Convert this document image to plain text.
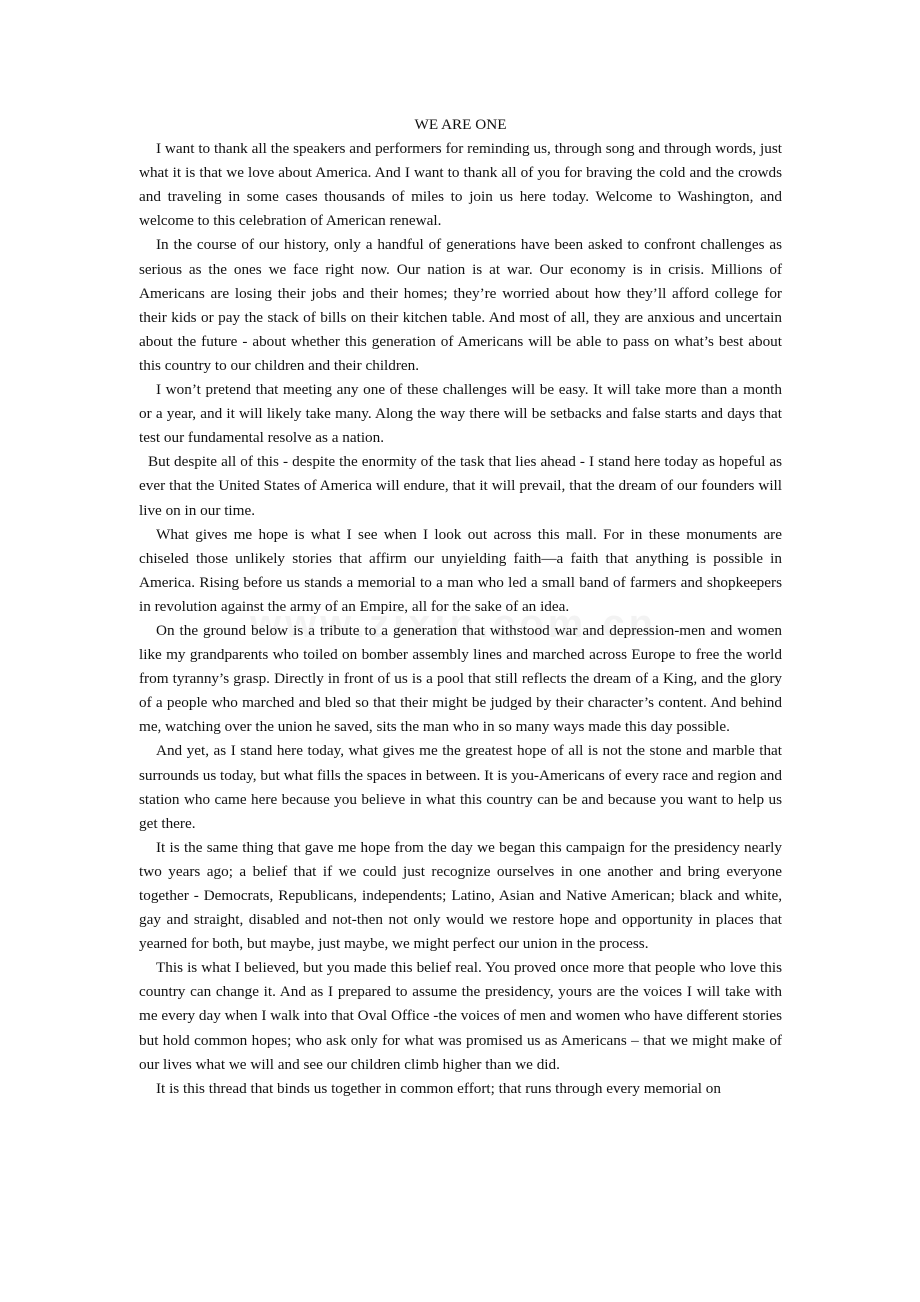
WE ARE ONE

I want to thank all the speakers and performers for reminding us, through song and through words, just what it is that we love about America. And I want to thank all of you for braving the cold and the crowds and traveling in some cases thousands of miles to join us here today. Welcome to Washington, and welcome to this celebration of American renewal.

In the course of our history, only a handful of generations have been asked to confront challenges as serious as the ones we face right now. Our nation is at war. Our economy is in crisis. Millions of Americans are losing their jobs and their homes; they’re worried about how they’ll afford college for their kids or pay the stack of bills on their kitchen table. And most of all, they are anxious and uncertain about the future - about whether this generation of Americans will be able to pass on what’s best about this country to our children and their children.

I won’t pretend that meeting any one of these challenges will be easy. It will take more than a month or a year, and it will likely take many. Along the way there will be setbacks and false starts and days that test our fundamental resolve as a nation.

But despite all of this - despite the enormity of the task that lies ahead - I stand here today as hopeful as ever that the United States of America will endure, that it will prevail, that the dream of our founders will live on in our time.

What gives me hope is what I see when I look out across this mall. For in these monuments are chiseled those unlikely stories that affirm our unyielding faith—a faith that anything is possible in America. Rising before us stands a memorial to a man who led a small band of farmers and shopkeepers in revolution against the army of an Empire, all for the sake of an idea.

On the ground below is a tribute to a generation that withstood war and depression-men and women like my grandparents who toiled on bomber assembly lines and marched across Europe to free the world from tyranny’s grasp. Directly in front of us is a pool that still reflects the dream of a King, and the glory of a people who marched and bled so that their might be judged by their character’s content. And behind me, watching over the union he saved, sits the man who in so many ways made this day possible.

And yet, as I stand here today, what gives me the greatest hope of all is not the stone and marble that surrounds us today, but what fills the spaces in between. It is you-Americans of every race and region and station who came here because you believe in what this country can be and because you want to help us get there.

It is the same thing that gave me hope from the day we began this campaign for the presidency nearly two years ago; a belief that if we could just recognize ourselves in one another and bring everyone together - Democrats, Republicans, independents; Latino, Asian and Native American; black and white, gay and straight, disabled and not-then not only would we restore hope and opportunity in places that yearned for both, but maybe, just maybe, we might perfect our union in the process.

This is what I believed, but you made this belief real. You proved once more that people who love this country can change it. And as I prepared to assume the presidency, yours are the voices I will take with me every day when I walk into that Oval Office -the voices of men and women who have different stories but hold common hopes; who ask only for what was promised us as Americans – that we might make of our lives what we will and see our children climb higher than we did.

It is this thread that binds us together in common effort; that runs through every memorial on
